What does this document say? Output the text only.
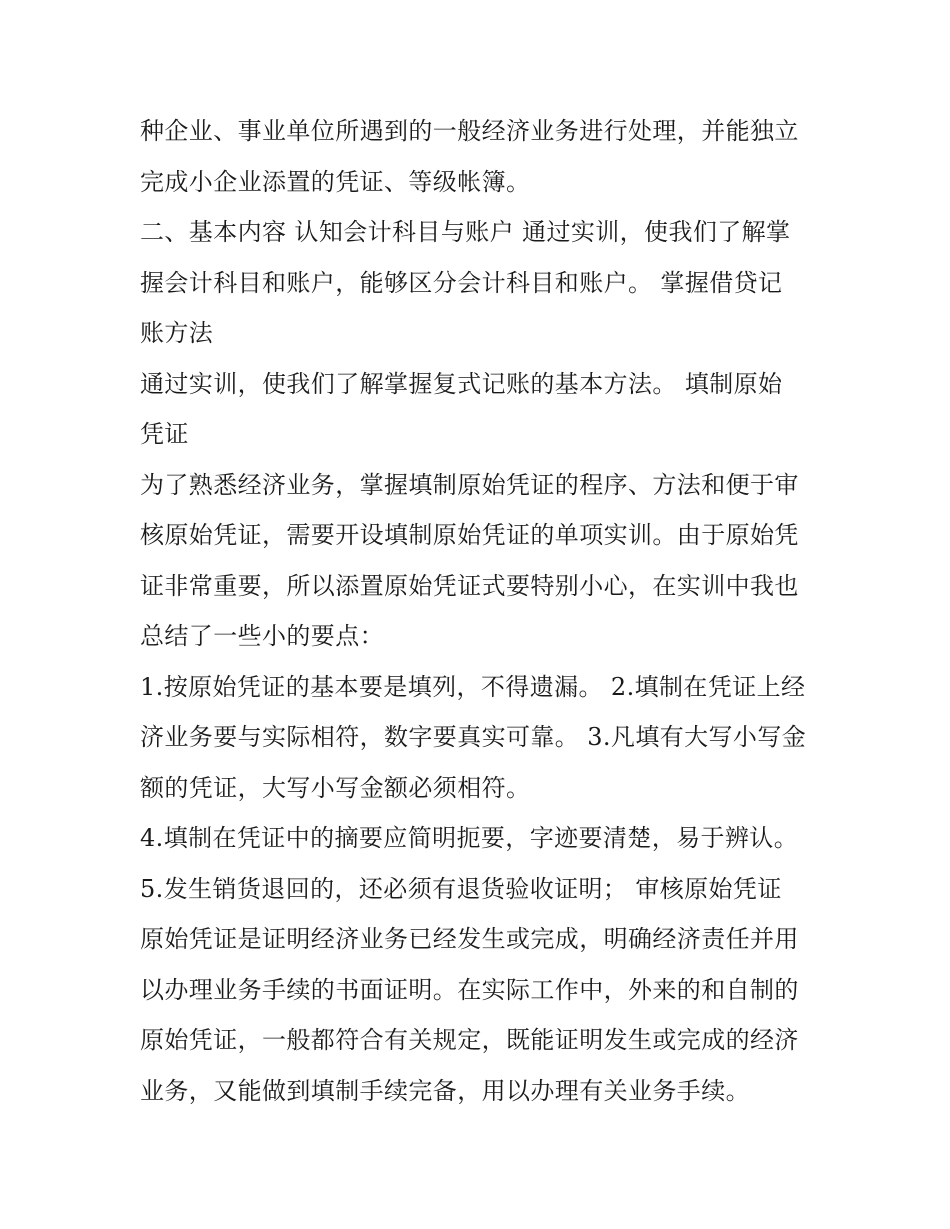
种企业、事业单位所遇到的一般经济业务进行处理，并能独立
完成小企业添置的凭证、等级帐簿。
二、基本内容 认知会计科目与账户 通过实训，使我们了解掌
握会计科目和账户，能够区分会计科目和账户。 掌握借贷记
账方法
通过实训，使我们了解掌握复式记账的基本方法。 填制原始
凭证
为了熟悉经济业务，掌握填制原始凭证的程序、方法和便于审
核原始凭证，需要开设填制原始凭证的单项实训。由于原始凭
证非常重要，所以添置原始凭证式要特别小心，在实训中我也
总结了一些小的要点：
1.按原始凭证的基本要是填列，不得遗漏。 2.填制在凭证上经
济业务要与实际相符，数字要真实可靠。 3.凡填有大写小写金
额的凭证，大写小写金额必须相符。
4.填制在凭证中的摘要应简明扼要，字迹要清楚，易于辨认。
5.发生销货退回的，还必须有退货验收证明； 审核原始凭证
原始凭证是证明经济业务已经发生或完成，明确经济责任并用
以办理业务手续的书面证明。在实际工作中，外来的和自制的
原始凭证，一般都符合有关规定，既能证明发生或完成的经济
业务，又能做到填制手续完备，用以办理有关业务手续。
